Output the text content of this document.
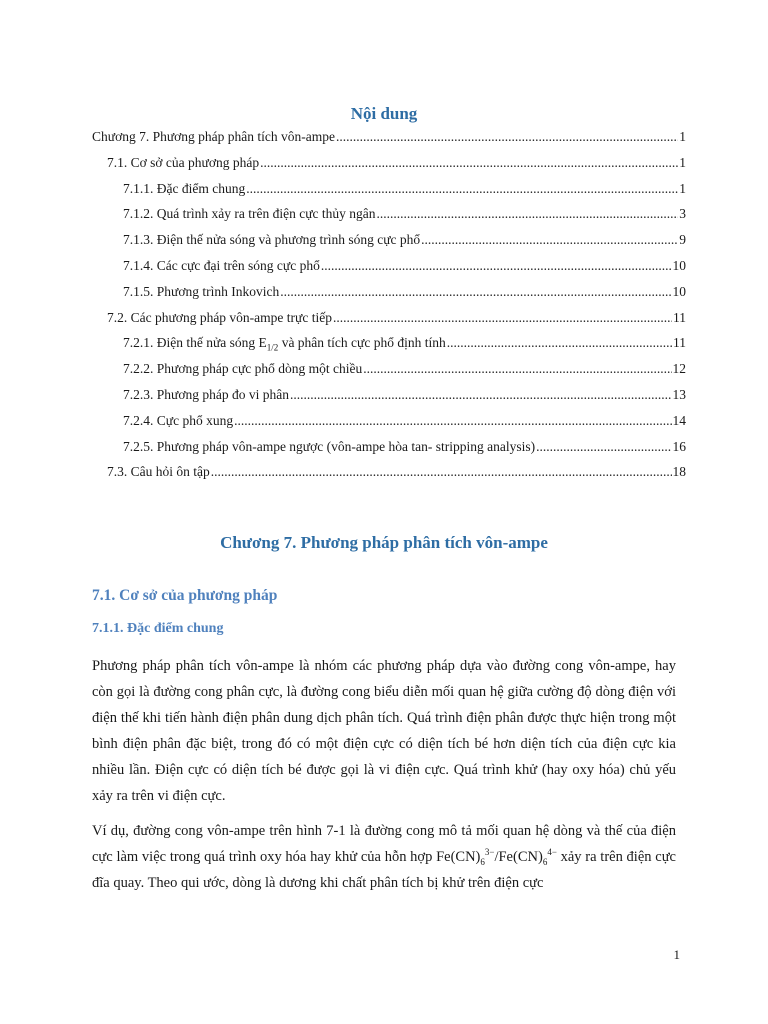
Nội dung
Chương 7. Phương pháp phân tích vôn-ampe .....	1
7.1. Cơ sở của phương pháp .....	1
7.1.1. Đặc điểm chung .....	1
7.1.2. Quá trình xảy ra trên điện cực thủy ngân .....	3
7.1.3. Điện thế nửa sóng và phương trình sóng cực phổ .....	9
7.1.4. Các cực đại trên sóng cực phổ .....	10
7.1.5. Phương trình Inkovich .....	10
7.2. Các phương pháp vôn-ampe trực tiếp .....	11
7.2.1. Điện thế nửa sóng $E_{1/2}$ và phân tích cực phổ định tính .....	11
7.2.2. Phương pháp cực phổ dòng một chiều .....	12
7.2.3. Phương pháp đo vi phân .....	13
7.2.4. Cực phổ xung .....	14
7.2.5. Phương pháp vôn-ampe ngược (vôn-ampe hòa tan- stripping analysis) .....	16
7.3. Câu hỏi ôn tập .....	18
Chương 7. Phương pháp phân tích vôn-ampe
7.1. Cơ sở của phương pháp
7.1.1. Đặc điểm chung
Phương pháp phân tích vôn-ampe là nhóm các phương pháp dựa vào đường cong vôn-ampe, hay còn gọi là đường cong phân cực, là đường cong biểu diễn mối quan hệ giữa cường độ dòng điện với điện thế khi tiến hành điện phân dung dịch phân tích. Quá trình điện phân được thực hiện trong một bình điện phân đặc biệt, trong đó có một điện cực có diện tích bé hơn diện tích của điện cực kia nhiều lần. Điện cực có diện tích bé được gọi là vi điện cực. Quá trình khử (hay oxy hóa) chủ yếu xảy ra trên vi điện cực.
Ví dụ, đường cong vôn-ampe trên hình 7-1 là đường cong mô tả mối quan hệ dòng và thế của điện cực làm việc trong quá trình oxy hóa hay khử của hỗn hợp $Fe(CN)_6^{3-}/Fe(CN)_6^{4-}$ xảy ra trên điện cực đĩa quay. Theo qui ước, dòng là dương khi chất phân tích bị khử trên điện cực
1
